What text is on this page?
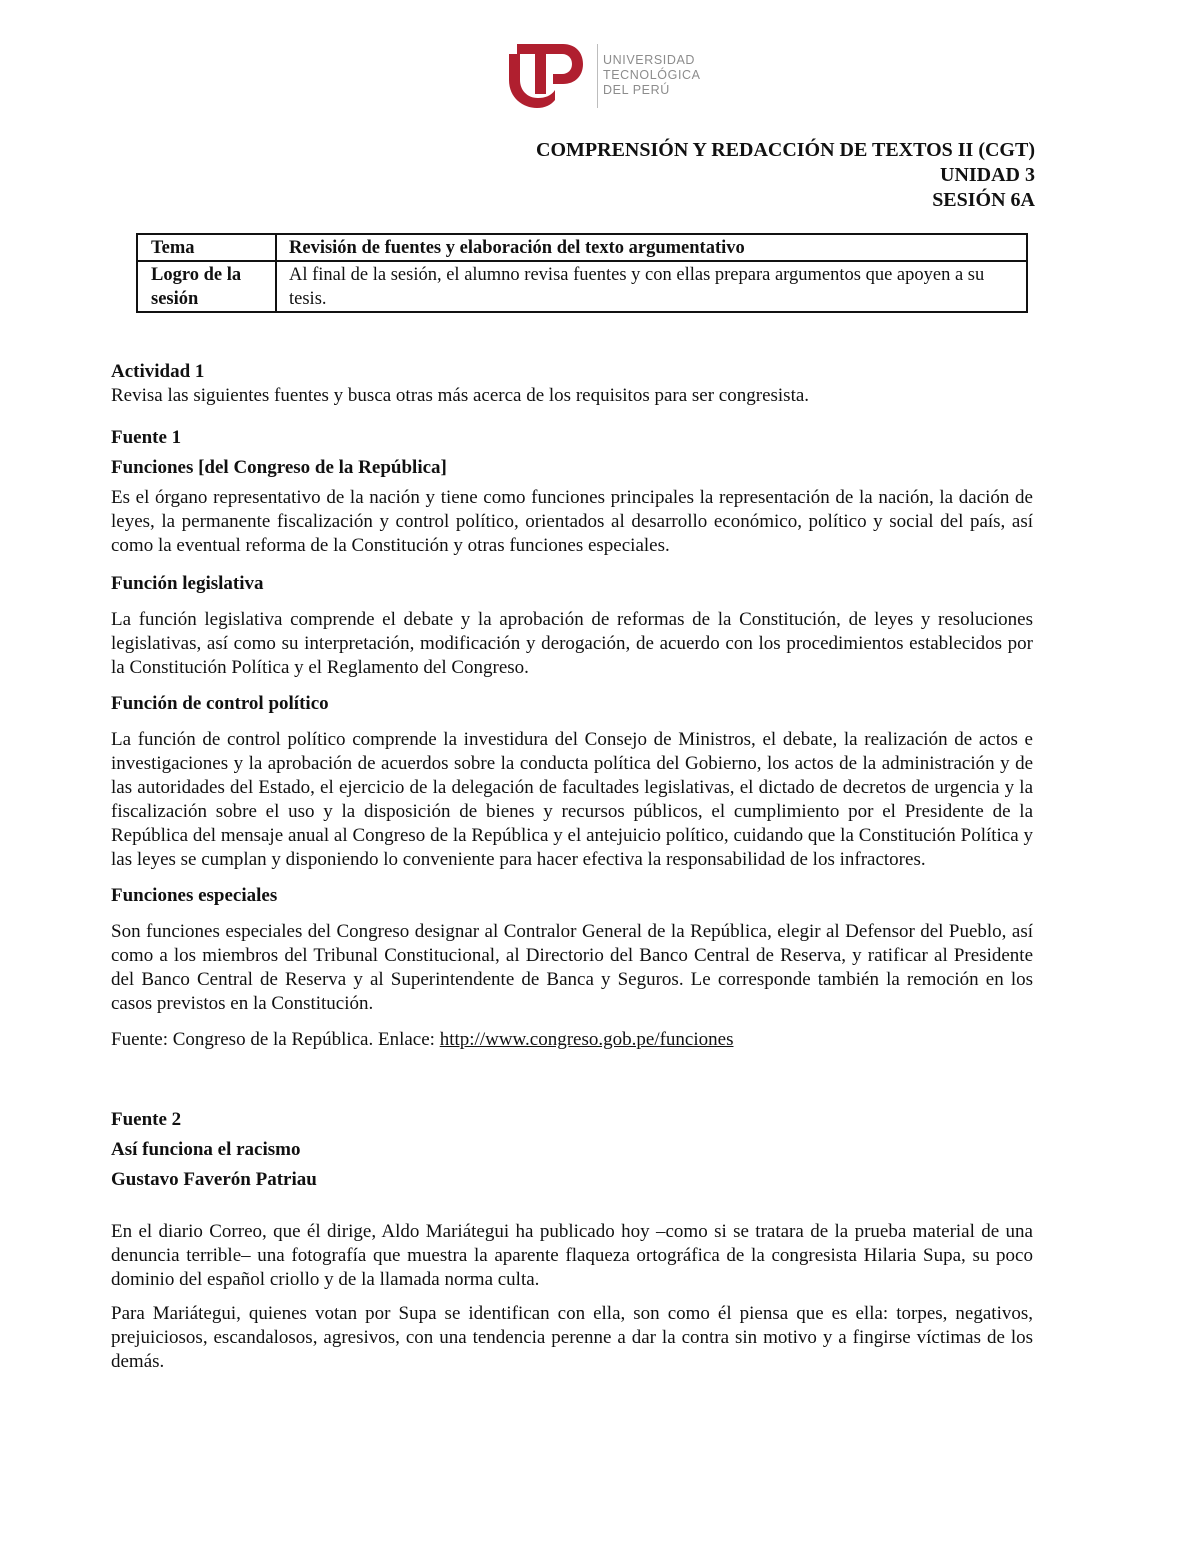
UNIVERSIDAD
TECNOLÓGICA
DEL PERÚ
COMPRENSIÓN Y REDACCIÓN DE TEXTOS II (CGT)
UNIDAD 3
SESIÓN 6A
Tema	Revisión de fuentes y elaboración del texto argumentativo
Logro de la sesión	Al final de la sesión, el alumno revisa fuentes y con ellas prepara argumentos que apoyen a su tesis.

Actividad 1

Revisa las siguientes fuentes y busca otras más acerca de los requisitos para ser congresista.

Fuente 1

Funciones [del Congreso de la República]

Es el órgano representativo de la nación y tiene como funciones principales la representación de la nación, la dación de leyes, la permanente fiscalización y control político, orientados al desarrollo económico, político y social del país, así como la eventual reforma de la Constitución y otras funciones especiales.

Función legislativa

La función legislativa comprende el debate y la aprobación de reformas de la Constitución, de leyes y resoluciones legislativas, así como su interpretación, modificación y derogación, de acuerdo con los procedimientos establecidos por la Constitución Política y el Reglamento del Congreso.

Función de control político

La función de control político comprende la investidura del Consejo de Ministros, el debate, la realización de actos e investigaciones y la aprobación de acuerdos sobre la conducta política del Gobierno, los actos de la administración y de las autoridades del Estado, el ejercicio de la delegación de facultades legislativas, el dictado de decretos de urgencia y la fiscalización sobre el uso y la disposición de bienes y recursos públicos, el cumplimiento por el Presidente de la República del mensaje anual al Congreso de la República y el antejuicio político, cuidando que la Constitución Política y las leyes se cumplan y disponiendo lo conveniente para hacer efectiva la responsabilidad de los infractores.

Funciones especiales

Son funciones especiales del Congreso designar al Contralor General de la República, elegir al Defensor del Pueblo, así como a los miembros del Tribunal Constitucional, al Directorio del Banco Central de Reserva, y ratificar al Presidente del Banco Central de Reserva y al Superintendente de Banca y Seguros. Le corresponde también la remoción en los casos previstos en la Constitución.

Fuente: Congreso de la República. Enlace: http://www.congreso.gob.pe/funciones

Fuente 2

Así funciona el racismo

Gustavo Faverón Patriau

En el diario Correo, que él dirige, Aldo Mariátegui ha publicado hoy –como si se tratara de la prueba material de una denuncia terrible– una fotografía que muestra la aparente flaqueza ortográfica de la congresista Hilaria Supa, su poco dominio del español criollo y de la llamada norma culta.

Para Mariátegui, quienes votan por Supa se identifican con ella, son como él piensa que es ella: torpes, negativos, prejuiciosos, escandalosos, agresivos, con una tendencia perenne a dar la contra sin motivo y a fingirse víctimas de los demás.
